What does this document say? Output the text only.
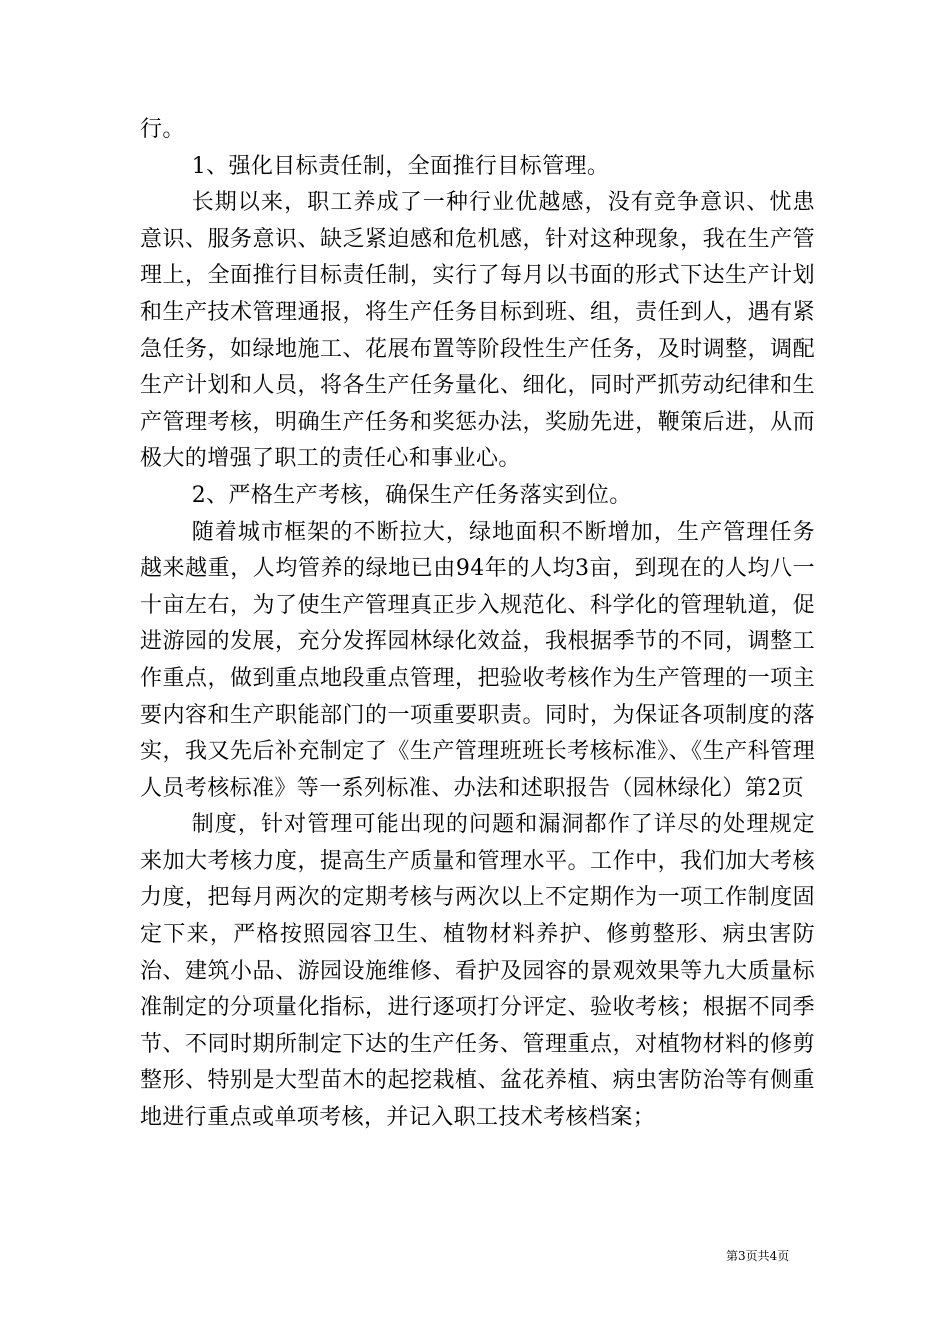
行。

1、强化目标责任制，全面推行目标管理。

长期以来，职工养成了一种行业优越感，没有竞争意识、忧患意识、服务意识、缺乏紧迫感和危机感，针对这种现象，我在生产管理上，全面推行目标责任制，实行了每月以书面的形式下达生产计划和生产技术管理通报，将生产任务目标到班、组，责任到人，遇有紧急任务，如绿地施工、花展布置等阶段性生产任务，及时调整，调配生产计划和人员，将各生产任务量化、细化，同时严抓劳动纪律和生产管理考核，明确生产任务和奖惩办法，奖励先进，鞭策后进，从而极大的增强了职工的责任心和事业心。

2、严格生产考核，确保生产任务落实到位。

随着城市框架的不断拉大，绿地面积不断增加，生产管理任务越来越重，人均管养的绿地已由94年的人均3亩，到现在的人均八一十亩左右，为了使生产管理真正步入规范化、科学化的管理轨道，促进游园的发展，充分发挥园林绿化效益，我根据季节的不同，调整工作重点，做到重点地段重点管理，把验收考核作为生产管理的一项主要内容和生产职能部门的一项重要职责。同时，为保证各项制度的落实，我又先后补充制定了《生产管理班班长考核标准》、《生产科管理人员考核标准》等一系列标准、办法和述职报告（园林绿化）第2页

制度，针对管理可能出现的问题和漏洞都作了详尽的处理规定来加大考核力度，提高生产质量和管理水平。工作中，我们加大考核力度，把每月两次的定期考核与两次以上不定期作为一项工作制度固定下来，严格按照园容卫生、植物材料养护、修剪整形、病虫害防治、建筑小品、游园设施维修、看护及园容的景观效果等九大质量标准制定的分项量化指标，进行逐项打分评定、验收考核；根据不同季节、不同时期所制定下达的生产任务、管理重点，对植物材料的修剪整形、特别是大型苗木的起挖栽植、盆花养植、病虫害防治等有侧重地进行重点或单项考核，并记入职工技术考核档案；

第3页共4页
